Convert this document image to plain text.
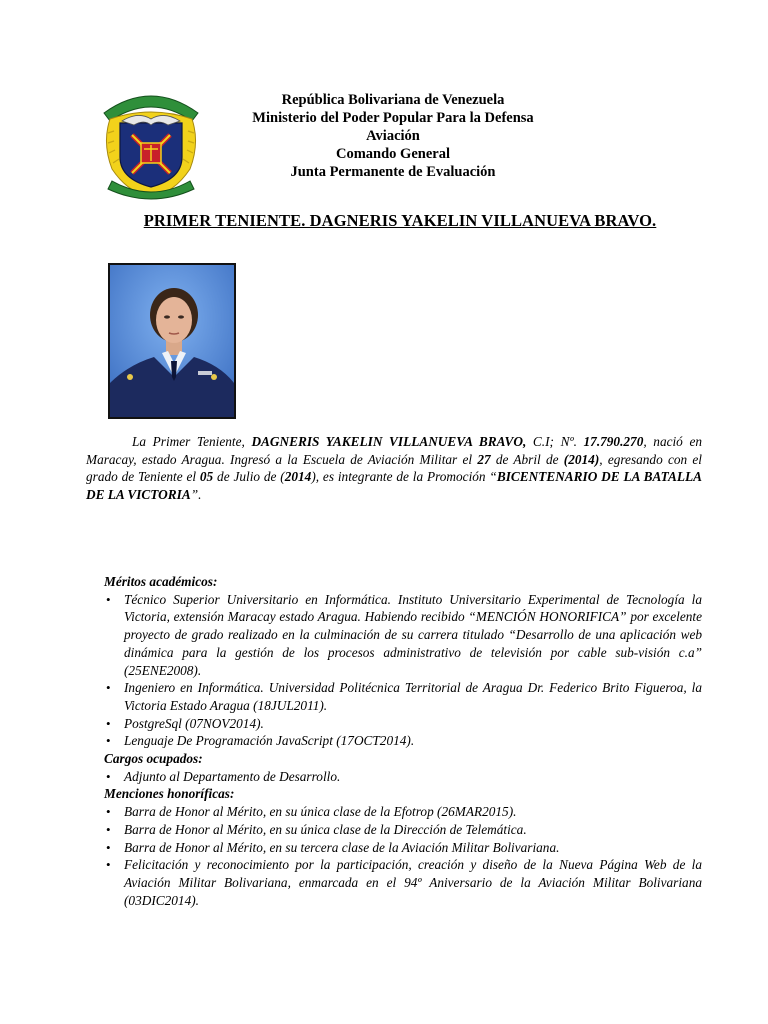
República Bolivariana de Venezuela
Ministerio del Poder Popular Para la Defensa
Aviación
Comando General
Junta Permanente de Evaluación
PRIMER TENIENTE. DAGNERIS YAKELIN VILLANUEVA BRAVO.
La Primer Teniente, DAGNERIS YAKELIN VILLANUEVA BRAVO, C.I; Nº. 17.790.270, nació en Maracay, estado Aragua. Ingresó a la Escuela de Aviación Militar el 27 de Abril de (2014), egresando con el grado de Teniente el 05 de Julio de (2014), es integrante de la Promoción “BICENTENARIO DE LA BATALLA DE LA VICTORIA”.
Méritos académicos:
• Técnico Superior Universitario en Informática. Instituto Universitario Experimental de Tecnología la Victoria, extensión Maracay estado Aragua. Habiendo recibido “MENCIÓN HONORIFICA” por excelente proyecto de grado realizado en la culminación de su carrera titulado “Desarrollo de una aplicación web dinámica para la gestión de los procesos administrativo de televisión por cable sub-visión c.a” (25ENE2008).
• Ingeniero en Informática. Universidad Politécnica Territorial de Aragua Dr. Federico Brito Figueroa, la Victoria Estado Aragua (18JUL2011).
• PostgreSql (07NOV2014).
• Lenguaje De Programación JavaScript (17OCT2014).
Cargos ocupados:
• Adjunto al Departamento de Desarrollo.
Menciones honoríficas:
• Barra de Honor al Mérito, en su única clase de la Efotrop (26MAR2015).
• Barra de Honor al Mérito, en su única clase de la Dirección de Telemática.
• Barra de Honor al Mérito, en su tercera clase de la Aviación Militar Bolivariana.
• Felicitación y reconocimiento por la participación, creación y diseño de la Nueva Página Web de la Aviación Militar Bolivariana, enmarcada en el 94º Aniversario de la Aviación Militar Bolivariana (03DIC2014).
